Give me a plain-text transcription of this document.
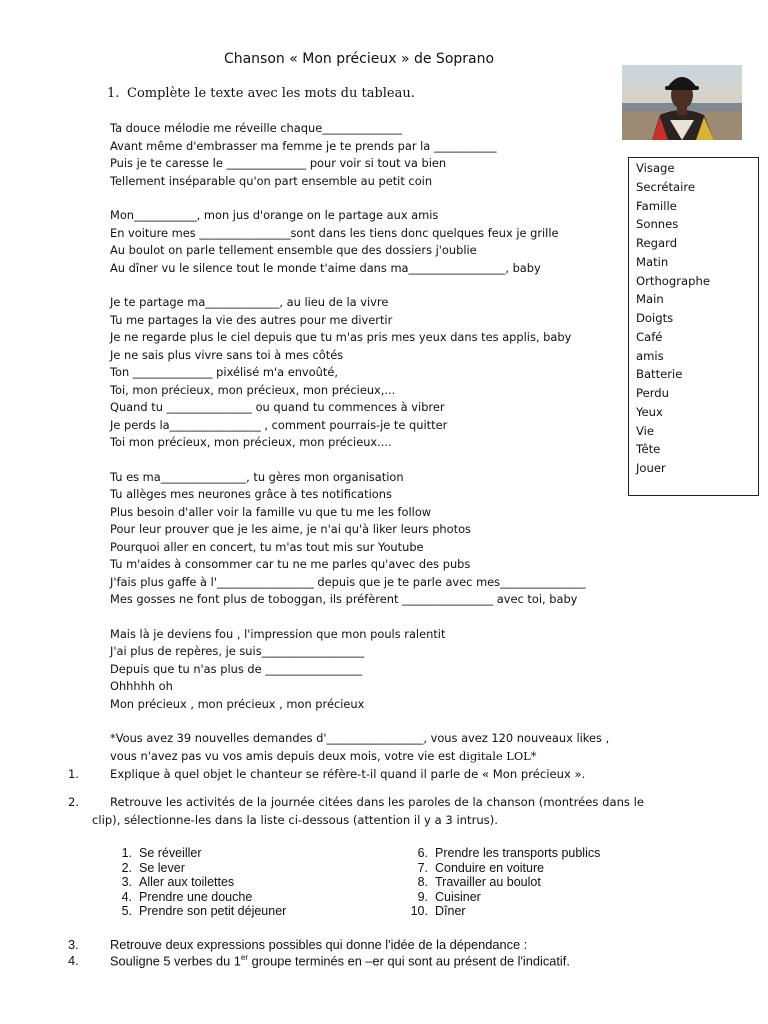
Chanson « Mon précieux » de Soprano
1. Complète le texte avec les mots du tableau.
Ta douce mélodie me réveille chaque______________
Avant même d'embrasser ma femme je te prends par la ___________
Puis je te caresse le ______________ pour voir si tout va bien
Tellement inséparable qu'on part ensemble au petit coin
Mon___________, mon jus d'orange on le partage aux amis
En voiture mes ________________sont dans les tiens donc quelques feux je grille
Au boulot on parle tellement ensemble que des dossiers j'oublie
Au dîner vu le silence tout le monde t'aime dans ma_________________, baby
Je te partage ma_____________, au lieu de la vivre
Tu me partages la vie des autres pour me divertir
Je ne regarde plus le ciel depuis que tu m'as pris mes yeux dans tes applis, baby
Je ne sais plus vivre sans toi à mes côtés
Ton ______________ pixélisé m'a envoûté,
Toi, mon précieux, mon précieux, mon précieux,...
Quand tu _______________ ou quand tu commences à vibrer
Je perds la________________ , comment pourrais-je te quitter
Toi mon précieux, mon précieux, mon précieux....
Tu es ma_______________, tu gères mon organisation
Tu allèges mes neurones grâce à tes notifications
Plus besoin d'aller voir la famille vu que tu me les follow
Pour leur prouver que je les aime, je n'ai qu'à liker leurs photos
Pourquoi aller en concert, tu m'as tout mis sur Youtube
Tu m'aides à consommer car tu ne me parles qu'avec des pubs
J'fais plus gaffe à l'_________________ depuis que je te parle avec mes_______________
Mes gosses ne font plus de toboggan, ils préfèrent ________________ avec toi, baby
Mais là je deviens fou , l'impression que mon pouls ralentit
J'ai plus de repères, je suis__________________
Depuis que tu n'as plus de _________________
Ohhhhh oh
Mon précieux , mon précieux , mon précieux
*Vous avez 39 nouvelles demandes d'_________________, vous avez 120 nouveaux likes ,
vous n'avez pas vu vos amis depuis deux mois, votre vie est digitale LOL*
Visage
Secrétaire
Famille
Sonnes
Regard
Matin
Orthographe
Main
Doigts
Café
amis
Batterie
Perdu
Yeux
Vie
Tête
Jouer
1.	Explique à quel objet le chanteur se réfère-t-il quand il parle de « Mon précieux ».
2.	Retrouve les activités de la journée citées dans les paroles de la chanson (montrées dans le
clip), sélectionne-les dans la liste ci-dessous (attention il y a 3 intrus).
1. Se réveiller
2. Se lever
3. Aller aux toilettes
4. Prendre une douche
5. Prendre son petit déjeuner
6. Prendre les transports publics
7. Conduire en voiture
8. Travailler au boulot
9. Cuisiner
10. Dîner
3. Retrouve deux expressions possibles qui donne l'idée de la dépendance :
4. Souligne 5 verbes du 1er groupe terminés en –er qui sont au présent de l'indicatif.
